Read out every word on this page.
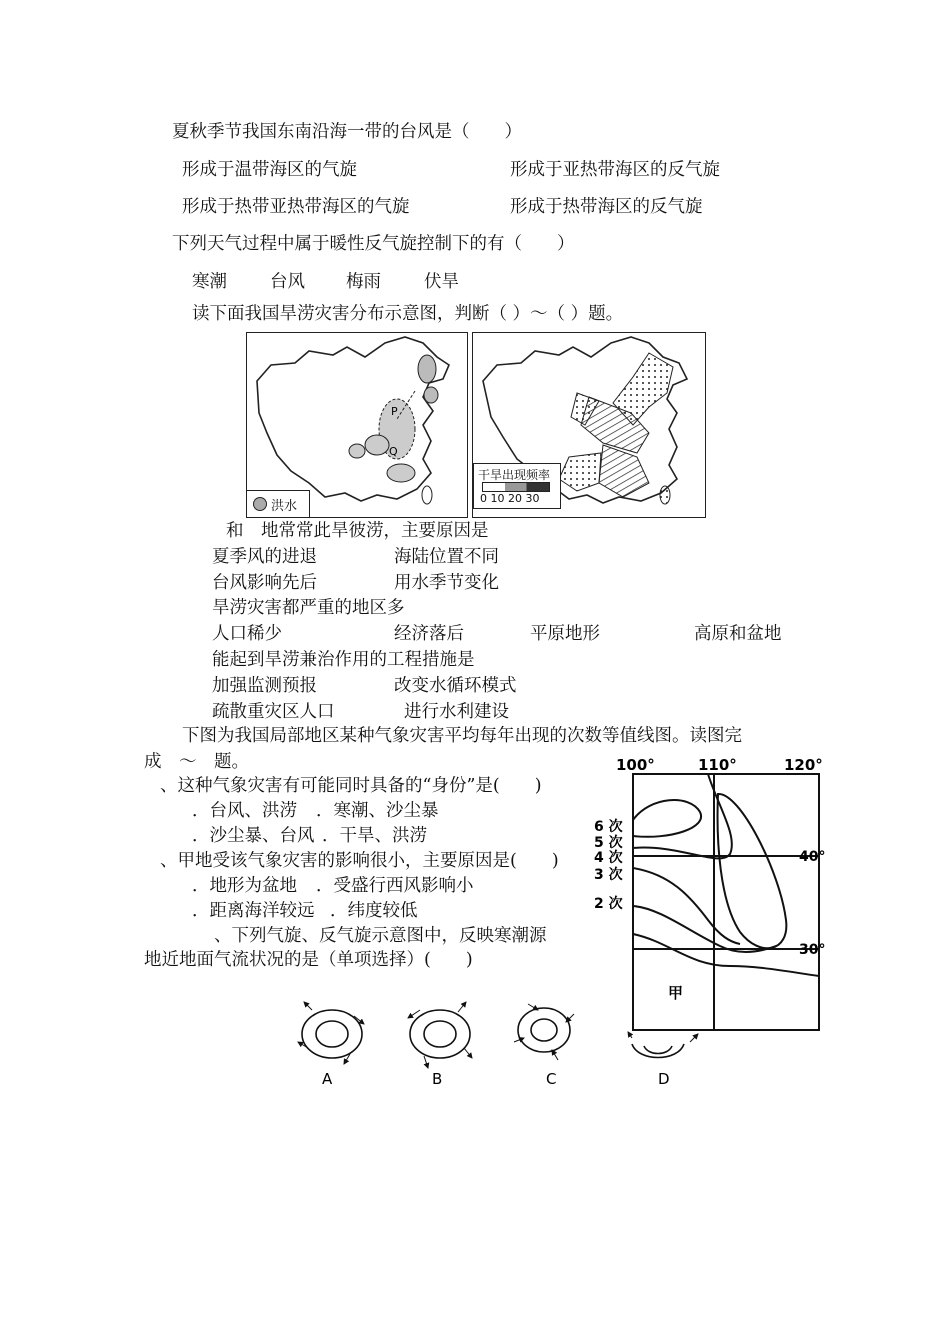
夏秋季节我国东南沿海一带的台风是（　　）
形成于温带海区的气旋	形成于亚热带海区的反气旋
形成于热带亚热带海区的气旋	形成于热带海区的反气旋
下列天气过程中属于暖性反气旋控制下的有（　　）
寒潮 台风 梅雨 伏旱
读下面我国旱涝灾害分布示意图，判断（ ）～（ ）题。
P
Q
洪水
干旱出现频率
0 10 20 30
和　地常常此旱彼涝，主要原因是
夏季风的进退	海陆位置不同
台风影响先后	用水季节变化
旱涝灾害都严重的地区多
人口稀少	经济落后	平原地形	高原和盆地
能起到旱涝兼治作用的工程措施是
加强监测预报	改变水循环模式
疏散重灾区人口	进行水利建设
下图为我国局部地区某种气象灾害平均每年出现的次数等值线图。读图完
成　～　题。
、这种气象灾害有可能同时具备的“身份”是(　　)
．台风、洪涝 ．寒潮、沙尘暴
．沙尘暴、台风 ．干旱、洪涝
、甲地受该气象灾害的影响很小，主要原因是(　　)
．地形为盆地 ．受盛行西风影响小
．距离海洋较远 ．纬度较低
、下列气旋、反气旋示意图中，反映寒潮源
地近地面气流状况的是（单项选择）(　　)
100°	110°	120°
40°
30°
6 次
5 次
4 次
3 次
2 次
甲
A	B	C	D
